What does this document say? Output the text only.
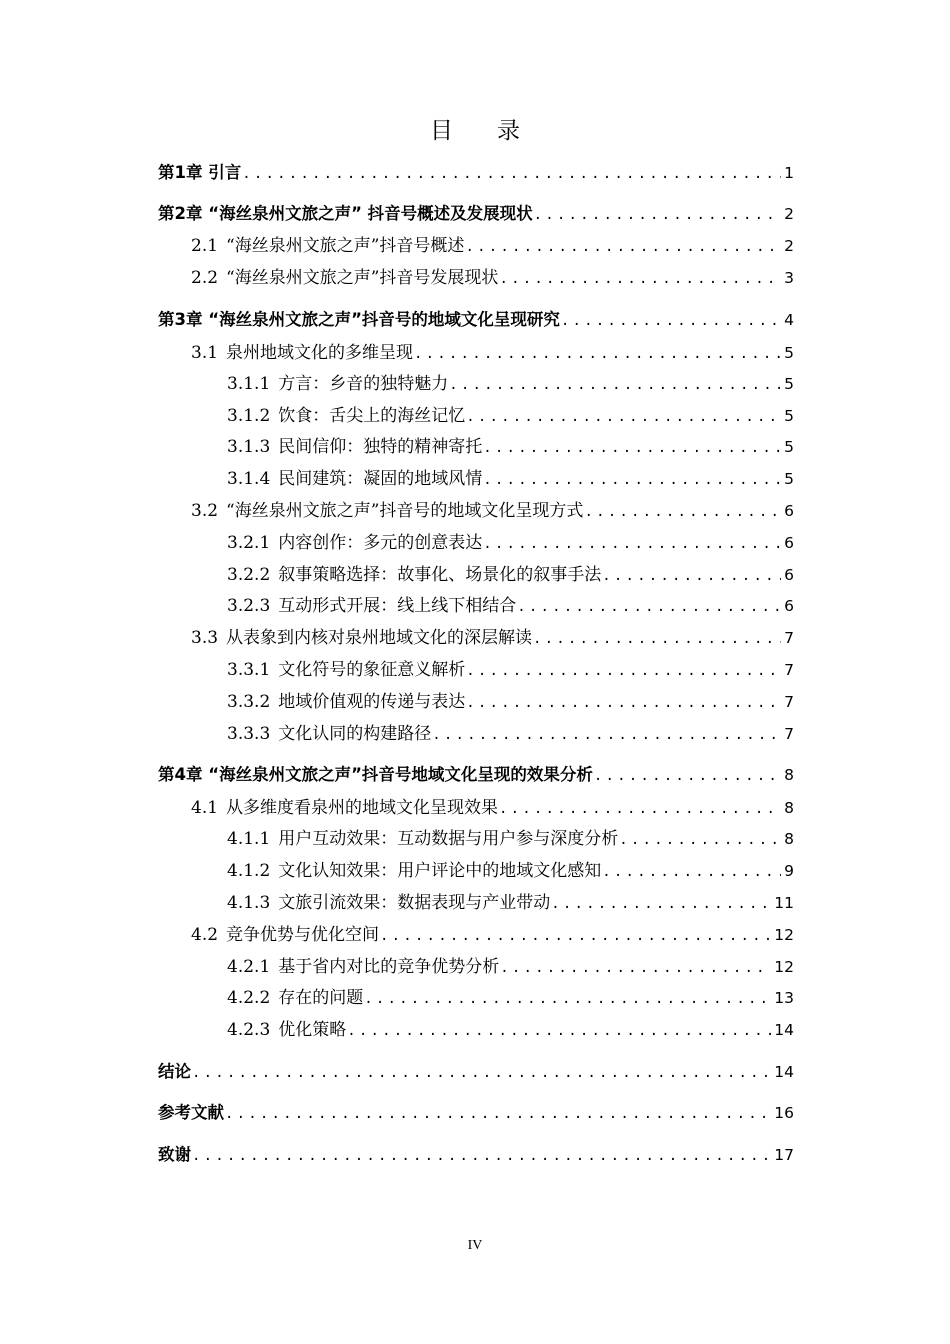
目 录
第1章 引言 .....	1
第2章 “海丝泉州文旅之声” 抖音号概述及发展现状 .....	2
2.1 “海丝泉州文旅之声”抖音号概述 .....	2
2.2 “海丝泉州文旅之声”抖音号发展现状 .....	3
第3章 “海丝泉州文旅之声”抖音号的地域文化呈现研究 .....	4
3.1 泉州地域文化的多维呈现 .....	5
3.1.1 方言：乡音的独特魅力 .....	5
3.1.2 饮食：舌尖上的海丝记忆 .....	5
3.1.3 民间信仰：独特的精神寄托 .....	5
3.1.4 民间建筑：凝固的地域风情 .....	5
3.2 “海丝泉州文旅之声”抖音号的地域文化呈现方式 .....	6
3.2.1 内容创作：多元的创意表达 .....	6
3.2.2 叙事策略选择：故事化、场景化的叙事手法 .....	6
3.2.3 互动形式开展：线上线下相结合 .....	6
3.3 从表象到内核对泉州地域文化的深层解读 .....	7
3.3.1 文化符号的象征意义解析 .....	7
3.3.2 地域价值观的传递与表达 .....	7
3.3.3 文化认同的构建路径 .....	7
第4章 “海丝泉州文旅之声”抖音号地域文化呈现的效果分析 .....	8
4.1 从多维度看泉州的地域文化呈现效果 .....	8
4.1.1 用户互动效果：互动数据与用户参与深度分析 .....	8
4.1.2 文化认知效果：用户评论中的地域文化感知 .....	9
4.1.3 文旅引流效果：数据表现与产业带动 .....	11
4.2 竞争优势与优化空间 .....	12
4.2.1 基于省内对比的竞争优势分析 .....	12
4.2.2 存在的问题 .....	13
4.2.3 优化策略 .....	14
结论 .....	14
参考文献 .....	16
致谢 .....	17
IV
